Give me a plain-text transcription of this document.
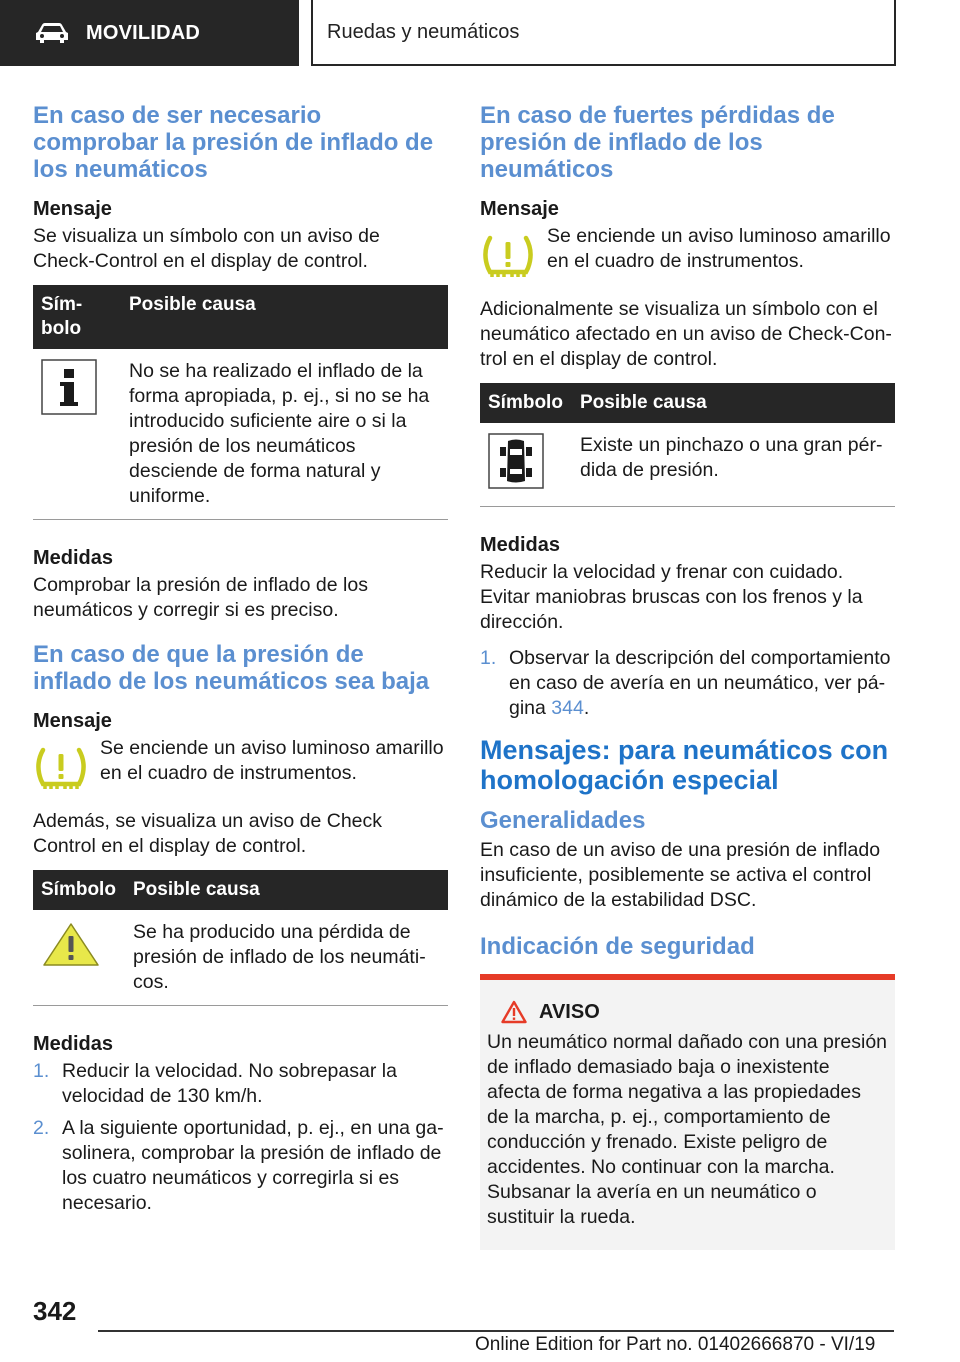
MOVILIDAD	Ruedas y neumáticos
En caso de ser necesario comprobar la presión de inflado de los neumáticos
Mensaje

Se visualiza un símbolo con un aviso de Check-Control en el display de control.

Símbolo	Posible causa
	No se ha realizado el inflado de la forma apropiada, p. ej., si no se ha introducido suficiente aire o si la presión de los neumáticos desciende de forma natural y uniforme.
Medidas

Comprobar la presión de inflado de los neumáticos y corregir si es preciso.

En caso de que la presión de inflado de los neumáticos sea baja
Mensaje

Se enciende un aviso luminoso amarillo en el cuadro de instrumentos.

Además, se visualiza un aviso de Check Control en el display de control.

Símbolo	Posible causa
	Se ha producido una pérdida de presión de inflado de los neumáticos.
Medidas
1. Reducir la velocidad. No sobrepasar la velocidad de 130 km/h.
2. A la siguiente oportunidad, p. ej., en una gasolinera, comprobar la presión de inflado de los cuatro neumáticos y corregirla si es necesario.
En caso de fuertes pérdidas de presión de inflado de los neumáticos
Mensaje

Se enciende un aviso luminoso amarillo en el cuadro de instrumentos.

Adicionalmente se visualiza un símbolo con el neumático afectado en un aviso de Check-Control en el display de control.

Símbolo	Posible causa
	Existe un pinchazo o una gran pérdida de presión.
Medidas

Reducir la velocidad y frenar con cuidado. Evitar maniobras bruscas con los frenos y la dirección.

1. Observar la descripción del comportamiento en caso de avería en un neumático, ver página 344.
Mensajes: para neumáticos con homologación especial
Generalidades

En caso de un aviso de una presión de inflado insuficiente, posiblemente se activa el control dinámico de la estabilidad DSC.

Indicación de seguridad
AVISO

Un neumático normal dañado con una presión de inflado demasiado baja o inexistente afecta de forma negativa a las propiedades de la marcha, p. ej., comportamiento de conducción y frenado. Existe peligro de accidentes. No continuar con la marcha. Subsanar la avería en un neumático o sustituir la rueda.

342
Online Edition for Part no. 01402666870 - VI/19
